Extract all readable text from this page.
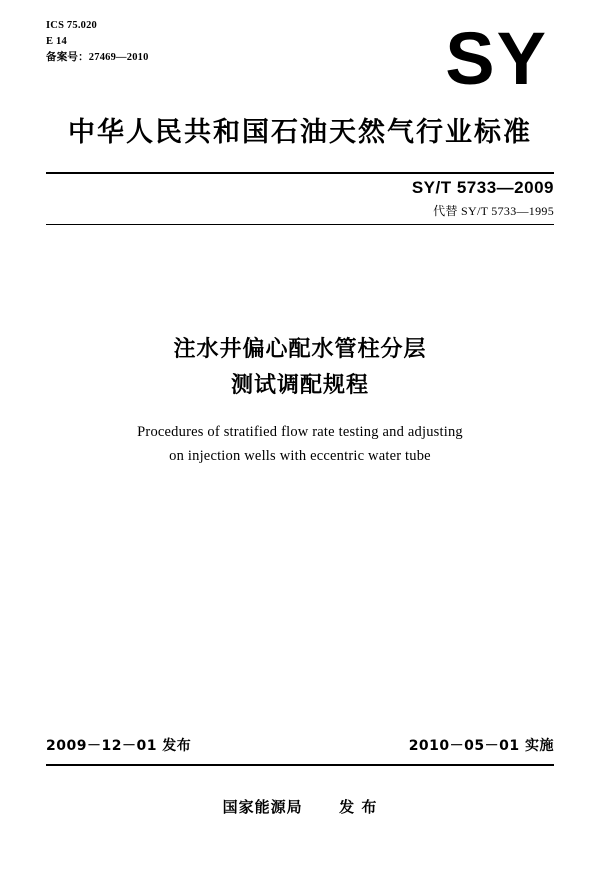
ICS 75.020
E 14
备案号：27469—2010	SY
中华人民共和国石油天然气行业标准
SY/T 5733—2009
代替 SY/T 5733—1995
注水井偏心配水管柱分层
测试调配规程
Procedures of stratified flow rate testing and adjusting
on injection wells with eccentric water tube
2009－12－01 发布	2010－05－01 实施
国家能源局 发 布
